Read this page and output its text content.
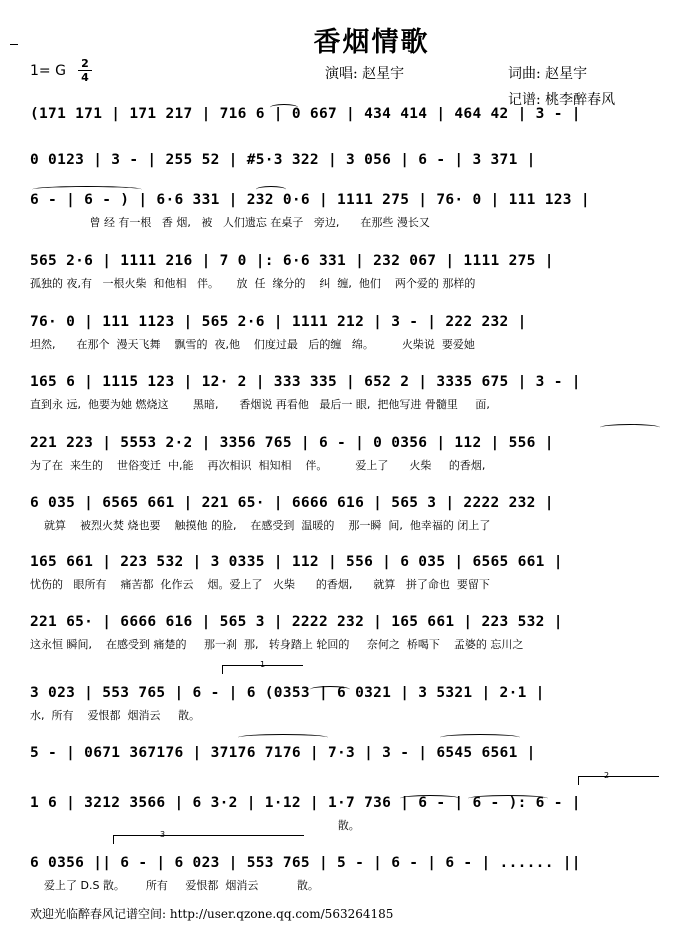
香烟情歌
1= G 2
4	演唱: 赵星宇	词曲: 赵星宇
记谱: 桃李醉春风
(171 171 | 171 217 | 716 6 | 0 667 | 434 414 | 464 42 | 3 - |
0 0123 | 3 - | 255 52 | #5·3 322 | 3 056 | 6 - | 3 371 |
6 - | 6 - ) | 6·6 331 | 232 0·6 | 1111 275 | 76· 0 | 111 123 |
曾 经 有一根   香 烟,   被   人们遗忘 在桌子   旁边,      在那些 漫长又
565 2·6 | 1111 216 | 7 0 |: 6·6 331 | 232 067 | 1111 275 |
孤独的 夜,有   一根火柴  和他相   伴。     放  任  缘分的    纠  缠,  他们    两个爱的 那样的
76· 0 | 111 1123 | 565 2·6 | 1111 212 | 3 - | 222 232 |
坦然,      在那个  漫天飞舞    飘雪的  夜,他    们度过最   后的缠   绵。        火柴说  要爱她
165 6 | 1115 123 | 12· 2 | 333 335 | 652 2 | 3335 675 | 3 - |
直到永 远,  他要为她 燃烧这       黑暗,      香烟说 再看他   最后一 眼,  把他写进 骨髓里     面,
221 223 | 5553 2·2 | 3356 765 | 6 - | 0 0356 | 112 | 556 |
为了在  来生的    世俗变迁  中,能    再次相识  相知相    伴。        爱上了      火柴     的香烟,
6 035 | 6565 661 | 221 65· | 6666 616 | 565 3 | 2222 232 |
就算    被烈火焚 烧也要    触摸他 的脸,    在感受到  温暖的    那一瞬  间,  他幸福的 闭上了
165 661 | 223 532 | 3 0335 | 112 | 556 | 6 035 | 6565 661 |
忧伤的   眼所有    痛苦都  化作云    烟。爱上了   火柴      的香烟,      就算   拼了命也  要留下
221 65· | 6666 616 | 565 3 | 2222 232 | 165 661 | 223 532 |
这永恒 瞬间,    在感受到 痛楚的     那一刹  那,   转身踏上 轮回的     奈何之  桥喝下    孟婆的 忘川之
3 023 | 553 765 | 6 - | 6 (0353 | 6 0321 | 3 5321 | 2·1 |
水,  所有    爱恨都  烟消云     散。
5 - | 0671 367176 | 37176 7176 | 7·3 | 3 - | 6545 6561 |
1 6 | 3212 3566 | 6 3·2 | 1·12 | 1·7 736 | 6 - | 6 - ): 6 - |
散。
6 0356 || 6 - | 6 023 | 553 765 | 5 - | 6 - | 6 - | ...... ||
爱上了 D.S 散。      所有     爱恨都  烟消云           散。
1
2
3
欢迎光临醉春风记谱空间: http://user.qzone.qq.com/563264185
